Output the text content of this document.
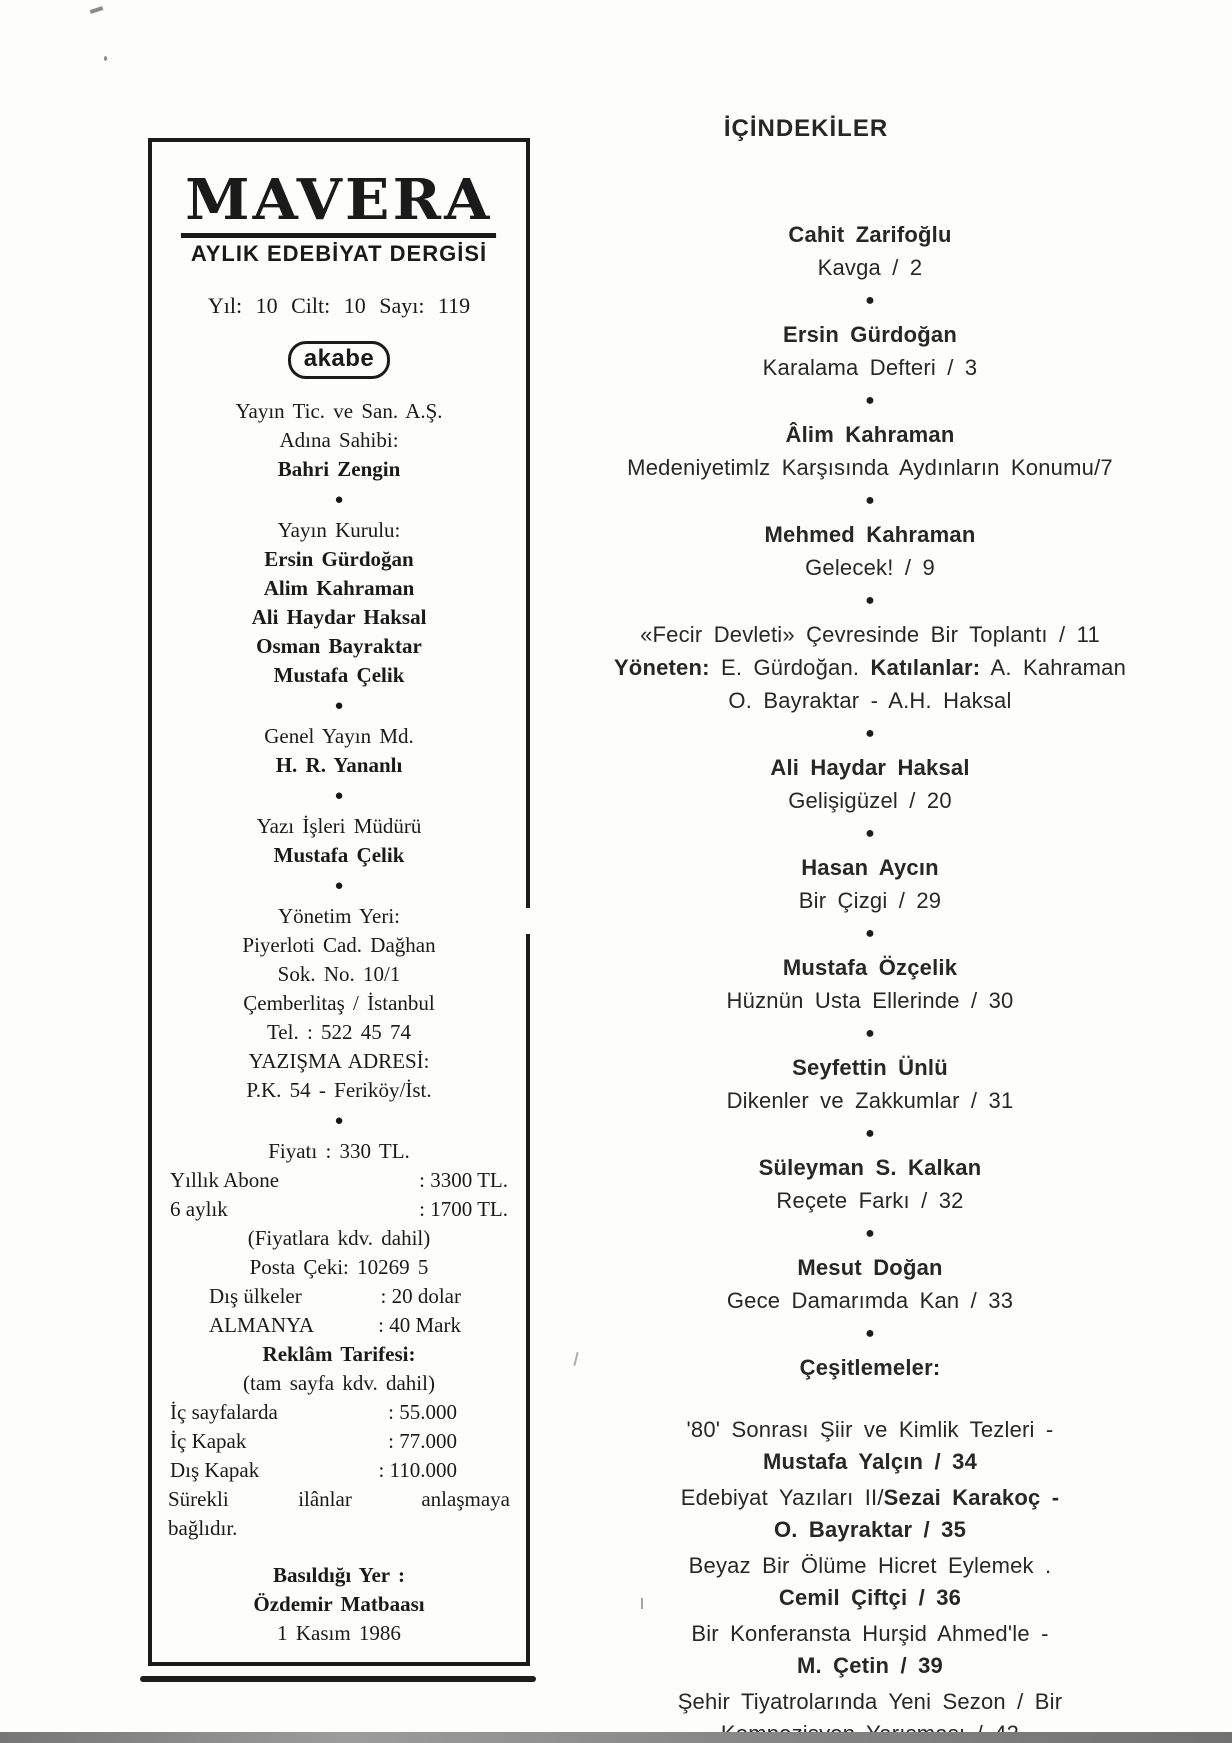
MAVERA
AYLIK EDEBİYAT DERGİSİ
Yıl: 10 Cilt: 10 Sayı: 119
akabe

Yayın Tic. ve San. A.Ş.

Adına Sahibi:

Bahri Zengin

●

Yayın Kurulu:

Ersin Gürdoğan

Alim Kahraman

Ali Haydar Haksal

Osman Bayraktar

Mustafa Çelik

●

Genel Yayın Md.

H. R. Yananlı

●

Yazı İşleri Müdürü

Mustafa Çelik

●

Yönetim Yeri:

Piyerloti Cad. Dağhan

Sok. No. 10/1

Çemberlitaş / İstanbul

Tel. : 522 45 74

YAZIŞMA ADRESİ:

P.K. 54 - Feriköy/İst.

●

Fiyatı : 330 TL.

Yıllık Abone	: 3300 TL.
6 aylık	: 1700 TL.

(Fiyatlara kdv. dahil)

Posta Çeki: 10269 5

Dış ülkeler	: 20 dolar
ALMANYA	: 40 Mark

Reklâm Tarifesi:

(tam sayfa kdv. dahil)

İç sayfalarda	: 55.000
İç Kapak	: 77.000
Dış Kapak	: 110.000

Sürekli ilânlar anlaşmaya

bağlıdır.

Basıldığı Yer :

Özdemir Matbaası

1 Kasım 1986

İÇİNDEKİLER

Cahit Zarifoğlu

Kavga / 2

●

Ersin Gürdoğan

Karalama Defteri / 3

●

Âlim Kahraman

Medeniyetimlz Karşısında Aydınların Konumu/7

●

Mehmed Kahraman

Gelecek! / 9

●

«Fecir Devleti» Çevresinde Bir Toplantı / 11

Yöneten: E. Gürdoğan. Katılanlar: A. Kahraman

O. Bayraktar - A.H. Haksal

●

Ali Haydar Haksal

Gelişigüzel / 20

●

Hasan Aycın

Bir Çizgi / 29

●

Mustafa Özçelik

Hüznün Usta Ellerinde / 30

●

Seyfettin Ünlü

Dikenler ve Zakkumlar / 31

●

Süleyman S. Kalkan

Reçete Farkı / 32

●

Mesut Doğan

Gece Damarımda Kan / 33

●

Çeşitlemeler:

'80' Sonrası Şiir ve Kimlik Tezleri -

Mustafa Yalçın / 34

Edebiyat Yazıları II/Sezai Karakoç -

O. Bayraktar / 35

Beyaz Bir Ölüme Hicret Eylemek .

Cemil Çiftçi / 36

Bir Konferansta Hurşid Ahmed'le -

M. Çetin / 39

Şehir Tiyatrolarında Yeni Sezon / Bir
